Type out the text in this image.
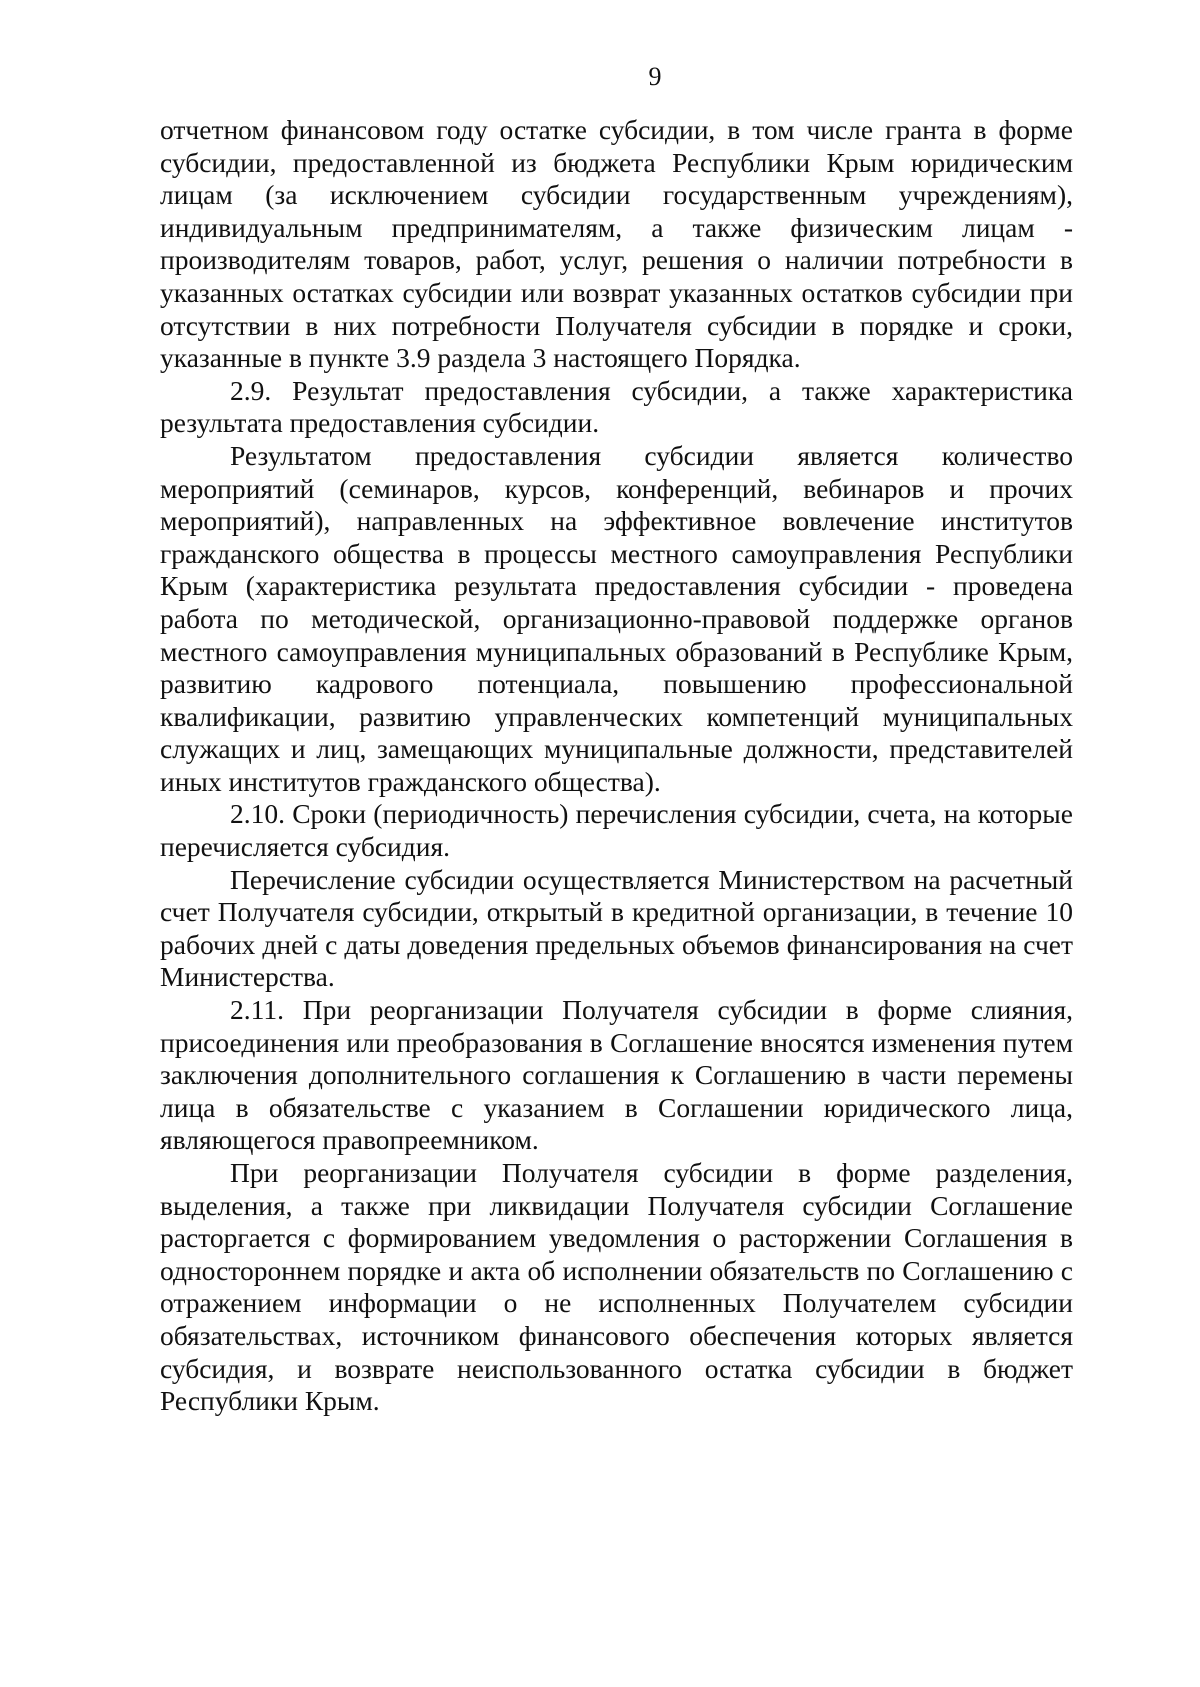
9

отчетном финансовом году остатке субсидии, в том числе гранта в форме субсидии, предоставленной из бюджета Республики Крым юридическим лицам (за исключением субсидии государственным учреждениям), индивидуальным предпринимателям, а также физическим лицам - производителям товаров, работ, услуг, решения о наличии потребности в указанных остатках субсидии или возврат указанных остатков субсидии при отсутствии в них потребности Получателя субсидии в порядке и сроки, указанные в пункте 3.9 раздела 3 настоящего Порядка.

2.9. Результат предоставления субсидии, а также характеристика результата предоставления субсидии.

Результатом предоставления субсидии является количество мероприятий (семинаров, курсов, конференций, вебинаров и прочих мероприятий), направленных на эффективное вовлечение институтов гражданского общества в процессы местного самоуправления Республики Крым (характеристика результата предоставления субсидии - проведена работа по методической, организационно-правовой поддержке органов местного самоуправления муниципальных образований в Республике Крым, развитию кадрового потенциала, повышению профессиональной квалификации, развитию управленческих компетенций муниципальных служащих и лиц, замещающих муниципальные должности, представителей иных институтов гражданского общества).

2.10. Сроки (периодичность) перечисления субсидии, счета, на которые перечисляется субсидия.

Перечисление субсидии осуществляется Министерством на расчетный счет Получателя субсидии, открытый в кредитной организации, в течение 10 рабочих дней с даты доведения предельных объемов финансирования на счет Министерства.

2.11. При реорганизации Получателя субсидии в форме слияния, присоединения или преобразования в Соглашение вносятся изменения путем заключения дополнительного соглашения к Соглашению в части перемены лица в обязательстве с указанием в Соглашении юридического лица, являющегося правопреемником.

При реорганизации Получателя субсидии в форме разделения, выделения, а также при ликвидации Получателя субсидии Соглашение расторгается с формированием уведомления о расторжении Соглашения в одностороннем порядке и акта об исполнении обязательств по Соглашению с отражением информации о не исполненных Получателем субсидии обязательствах, источником финансового обеспечения которых является субсидия, и возврате неиспользованного остатка субсидии в бюджет Республики Крым.
